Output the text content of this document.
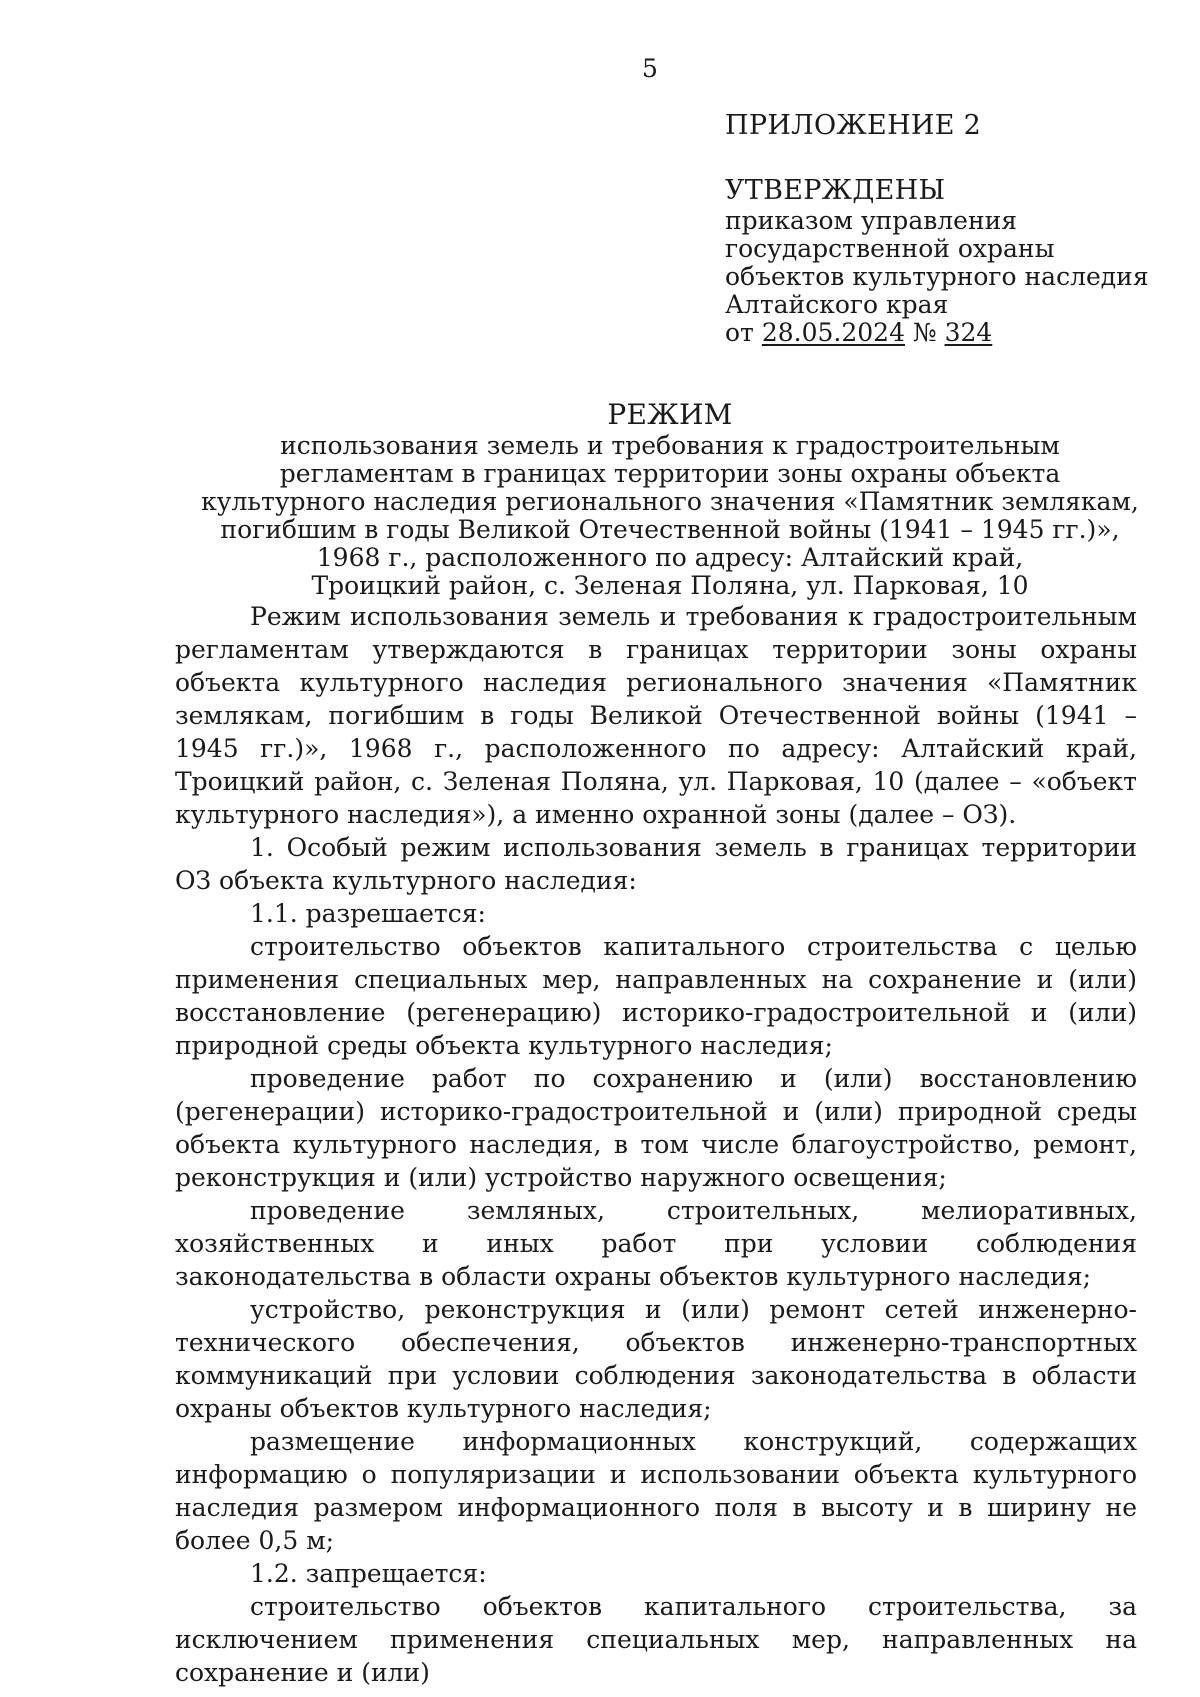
5
ПРИЛОЖЕНИЕ 2
УТВЕРЖДЕНЫ
приказом управления
государственной охраны
объектов культурного наследия
Алтайского края
от 28.05.2024 № 324
РЕЖИМ
использования земель и требования к градостроительным
регламентам в границах территории зоны охраны объекта
культурного наследия регионального значения «Памятник землякам,
погибшим в годы Великой Отечественной войны (1941 – 1945 гг.)»,
1968 г., расположенного по адресу: Алтайский край,
Троицкий район, с. Зеленая Поляна, ул. Парковая, 10

Режим использования земель и требования к градостроительным регламентам утверждаются в границах территории зоны охраны объекта культурного наследия регионального значения «Памятник землякам, погибшим в годы Великой Отечественной войны (1941 – 1945 гг.)», 1968 г., расположенного по адресу: Алтайский край, Троицкий район, с. Зеленая Поляна, ул. Парковая, 10 (далее – «объект культурного наследия»), а именно охранной зоны (далее – ОЗ).

1. Особый режим использования земель в границах территории ОЗ объекта культурного наследия:

1.1. разрешается:

строительство объектов капитального строительства с целью применения специальных мер, направленных на сохранение и (или) восстановление (регенерацию) историко-градостроительной и (или) природной среды объекта культурного наследия;

проведение работ по сохранению и (или) восстановлению (регенерации) историко-градостроительной и (или) природной среды объекта культурного наследия, в том числе благоустройство, ремонт, реконструкция и (или) устройство наружного освещения;

проведение земляных, строительных, мелиоративных, хозяйственных и иных работ при условии соблюдения законодательства в области охраны объектов культурного наследия;

устройство, реконструкция и (или) ремонт сетей инженерно-технического обеспечения, объектов инженерно-транспортных коммуникаций при условии соблюдения законодательства в области охраны объектов культурного наследия;

размещение информационных конструкций, содержащих информацию о популяризации и использовании объекта культурного наследия размером информационного поля в высоту и в ширину не более 0,5 м;

1.2. запрещается:

строительство объектов капитального строительства, за исключением применения специальных мер, направленных на сохранение и (или)
